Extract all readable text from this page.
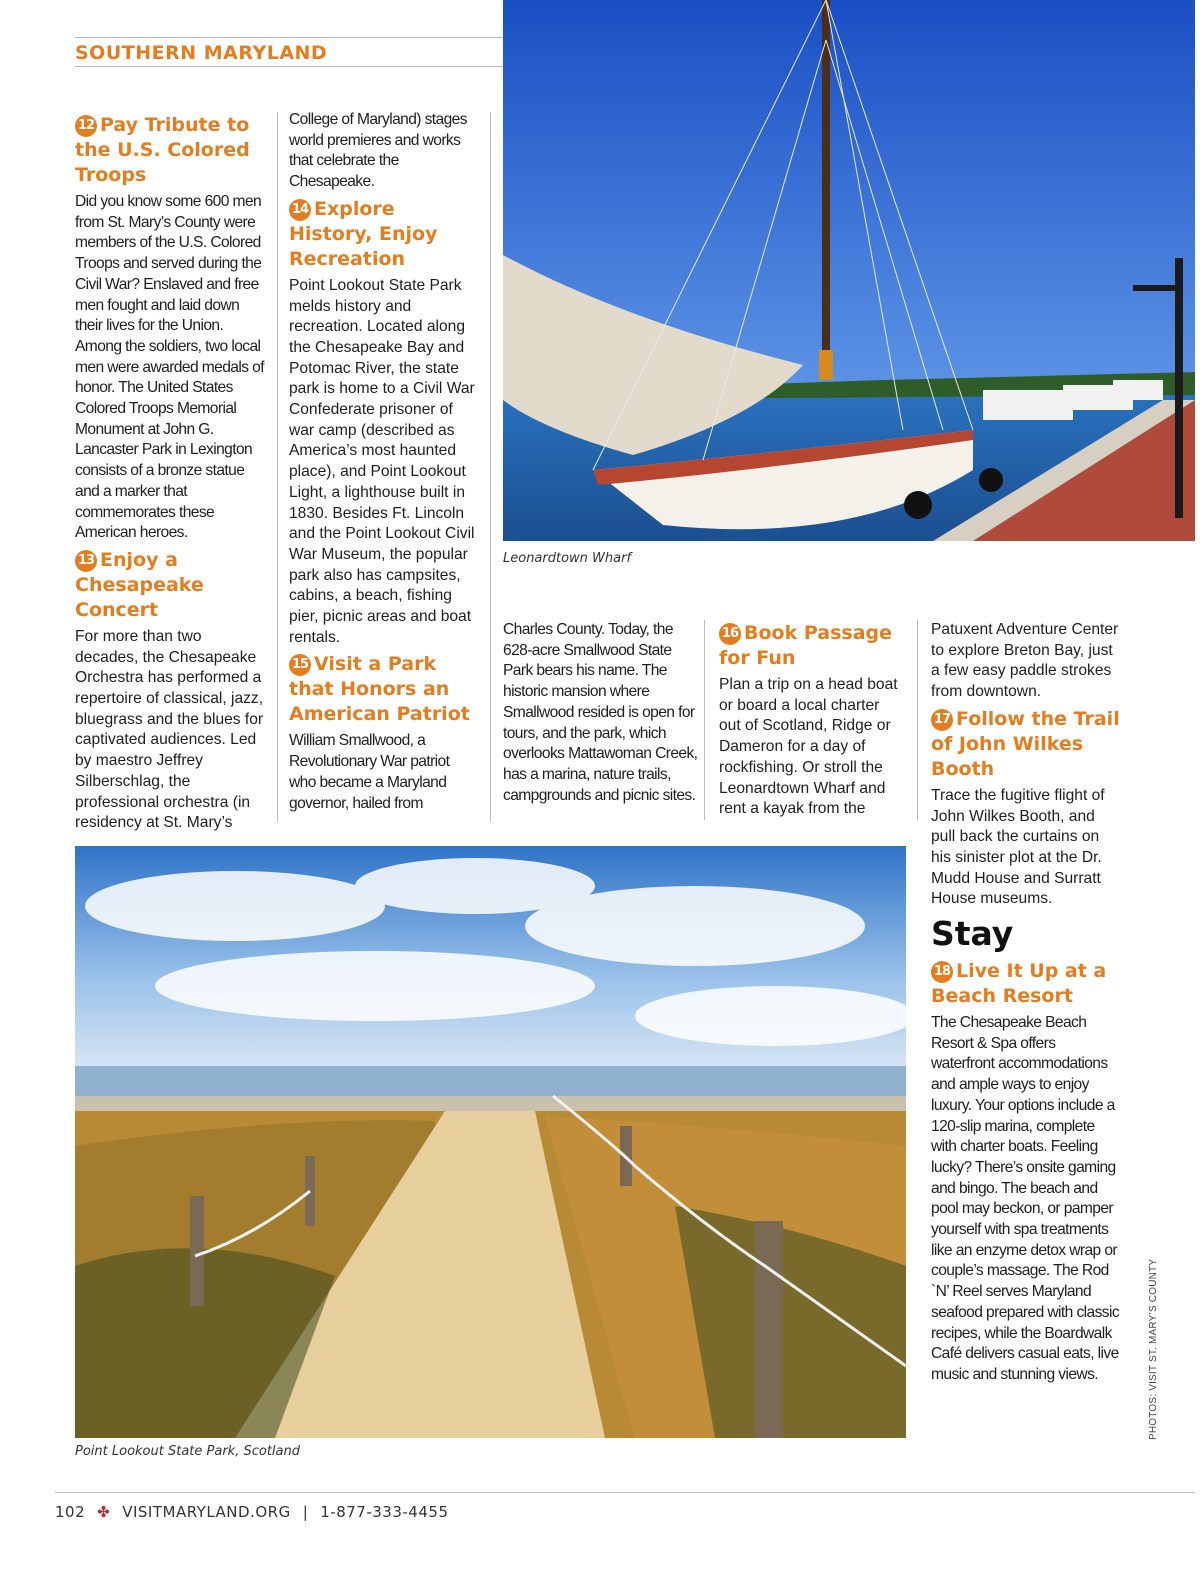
SOUTHERN MARYLAND
12 Pay Tribute to the U.S. Colored Troops

Did you know some 600 men from St. Mary’s County were members of the U.S. Colored Troops and served during the Civil War? Enslaved and free men fought and laid down their lives for the Union. Among the soldiers, two local men were awarded medals of honor. The United States Colored Troops Memorial Monument at John G. Lancaster Park in Lexington consists of a bronze statue and a marker that commemorates these American heroes.

13 Enjoy a Chesapeake Concert

For more than two decades, the Chesapeake Orchestra has performed a repertoire of classical, jazz, bluegrass and the blues for captivated audiences. Led by maestro Jeffrey Silberschlag, the professional orchestra (in residency at St. Mary’s

College of Maryland) stages world premieres and works that celebrate the Chesapeake.

14 Explore History, Enjoy Recreation

Point Lookout State Park melds history and recreation. Located along the Chesapeake Bay and Potomac River, the state park is home to a Civil War Confederate prisoner of war camp (described as America’s most haunted place), and Point Lookout Light, a lighthouse built in 1830. Besides Ft. Lincoln and the Point Lookout Civil War Museum, the popular park also has campsites, cabins, a beach, fishing pier, picnic areas and boat rentals.

15 Visit a Park that Honors an American Patriot

William Smallwood, a Revolutionary War patriot who became a Maryland governor, hailed from

Leonardtown Wharf

Charles County. Today, the 628-acre Smallwood State Park bears his name. The historic mansion where Smallwood resided is open for tours, and the park, which overlooks Mattawoman Creek, has a marina, nature trails, campgrounds and picnic sites.

16 Book Passage for Fun

Plan a trip on a head boat or board a local charter out of Scotland, Ridge or Dameron for a day of rockfishing. Or stroll the Leonardtown Wharf and rent a kayak from the

Patuxent Adventure Center to explore Breton Bay, just a few easy paddle strokes from downtown.

17 Follow the Trail of John Wilkes Booth

Trace the fugitive flight of John Wilkes Booth, and pull back the curtains on his sinister plot at the Dr. Mudd House and Surratt House museums.

Stay
18 Live It Up at a Beach Resort

The Chesapeake Beach Resort & Spa offers waterfront accommodations and ample ways to enjoy luxury. Your options include a 120-slip marina, complete with charter boats. Feeling lucky? There’s onsite gaming and bingo. The beach and pool may beckon, or pamper yourself with spa treatments like an enzyme detox wrap or couple’s massage. The Rod `N’ Reel serves Maryland seafood prepared with classic recipes, while the Boardwalk Café delivers casual eats, live music and stunning views.

Point Lookout State Park, Scotland
PHOTOS: VISIT ST. MARY’S COUNTY
102 ✤ VISITMARYLAND.ORG | 1-877-333-4455
